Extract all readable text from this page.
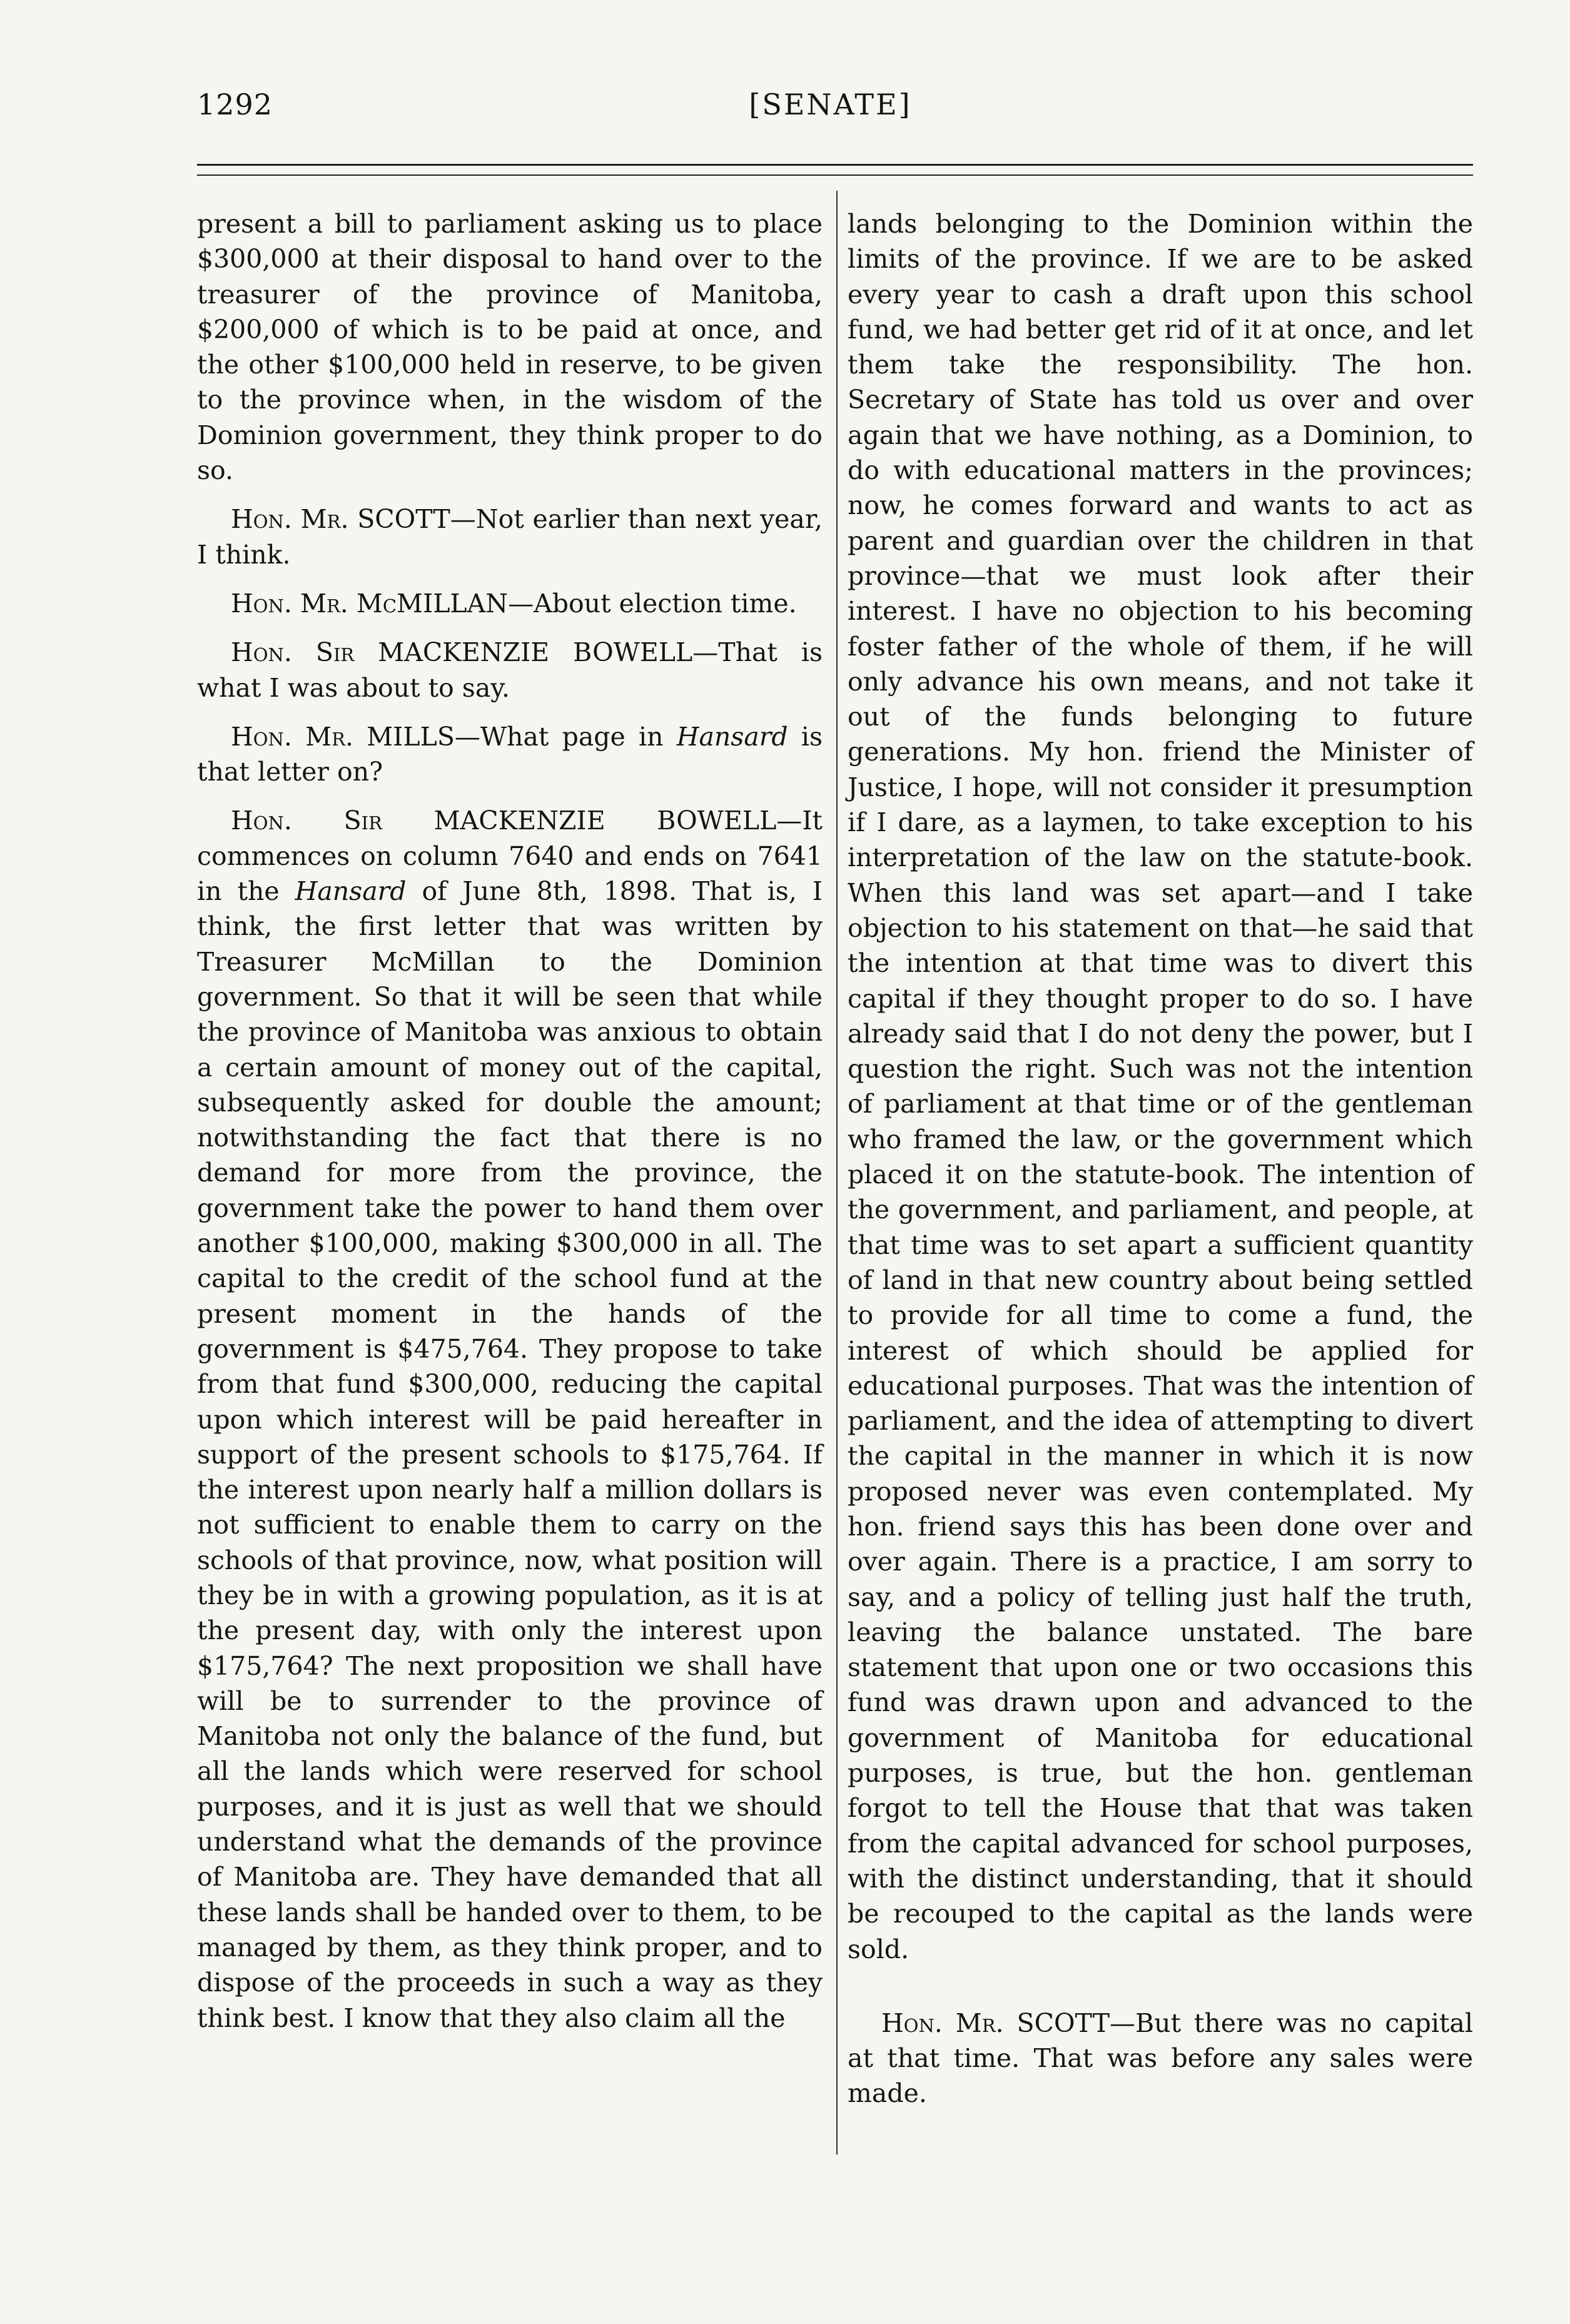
1292	[SENATE]

present a bill to parliament asking us to place $300,000 at their disposal to hand over to the treasurer of the province of Manitoba, $200,000 of which is to be paid at once, and the other $100,000 held in reserve, to be given to the province when, in the wisdom of the Dominion government, they think proper to do so.

Hon. Mr. SCOTT—Not earlier than next year, I think.

Hon. Mr. McMILLAN—About election time.

Hon. Sir MACKENZIE BOWELL—That is what I was about to say.

Hon. Mr. MILLS—What page in Hansard is that letter on?

Hon. Sir MACKENZIE BOWELL—It commences on column 7640 and ends on 7641 in the Hansard of June 8th, 1898. That is, I think, the first letter that was written by Treasurer McMillan to the Dominion government. So that it will be seen that while the province of Manitoba was anxious to obtain a certain amount of money out of the capital, subsequently asked for double the amount; notwithstanding the fact that there is no demand for more from the province, the government take the power to hand them over another $100,000, making $300,000 in all. The capital to the credit of the school fund at the present moment in the hands of the government is $475,764. They propose to take from that fund $300,000, reducing the capital upon which interest will be paid hereafter in support of the present schools to $175,764. If the interest upon nearly half a million dollars is not sufficient to enable them to carry on the schools of that province, now, what position will they be in with a growing population, as it is at the present day, with only the interest upon $175,764? The next proposition we shall have will be to surrender to the province of Manitoba not only the balance of the fund, but all the lands which were reserved for school purposes, and it is just as well that we should understand what the demands of the province of Manitoba are. They have demanded that all these lands shall be handed over to them, to be managed by them, as they think proper, and to dispose of the proceeds in such a way as they think best. I know that they also claim all the

lands belonging to the Dominion within the limits of the province. If we are to be asked every year to cash a draft upon this school fund, we had better get rid of it at once, and let them take the responsibility. The hon. Secretary of State has told us over and over again that we have nothing, as a Dominion, to do with educational matters in the provinces; now, he comes forward and wants to act as parent and guardian over the children in that province—that we must look after their interest. I have no objection to his becoming foster father of the whole of them, if he will only advance his own means, and not take it out of the funds belonging to future generations. My hon. friend the Minister of Justice, I hope, will not consider it presumption if I dare, as a laymen, to take exception to his interpretation of the law on the statute-book. When this land was set apart—and I take objection to his statement on that—he said that the intention at that time was to divert this capital if they thought proper to do so. I have already said that I do not deny the power, but I question the right. Such was not the intention of parliament at that time or of the gentleman who framed the law, or the government which placed it on the statute-book. The intention of the government, and parliament, and people, at that time was to set apart a sufficient quantity of land in that new country about being settled to provide for all time to come a fund, the interest of which should be applied for educational purposes. That was the intention of parliament, and the idea of attempting to divert the capital in the manner in which it is now proposed never was even contemplated. My hon. friend says this has been done over and over again. There is a practice, I am sorry to say, and a policy of telling just half the truth, leaving the balance unstated. The bare statement that upon one or two occasions this fund was drawn upon and advanced to the government of Manitoba for educational purposes, is true, but the hon. gentleman forgot to tell the House that that was taken from the capital advanced for school purposes, with the distinct understanding, that it should be recouped to the capital as the lands were sold.

Hon. Mr. SCOTT—But there was no capital at that time. That was before any sales were made.
